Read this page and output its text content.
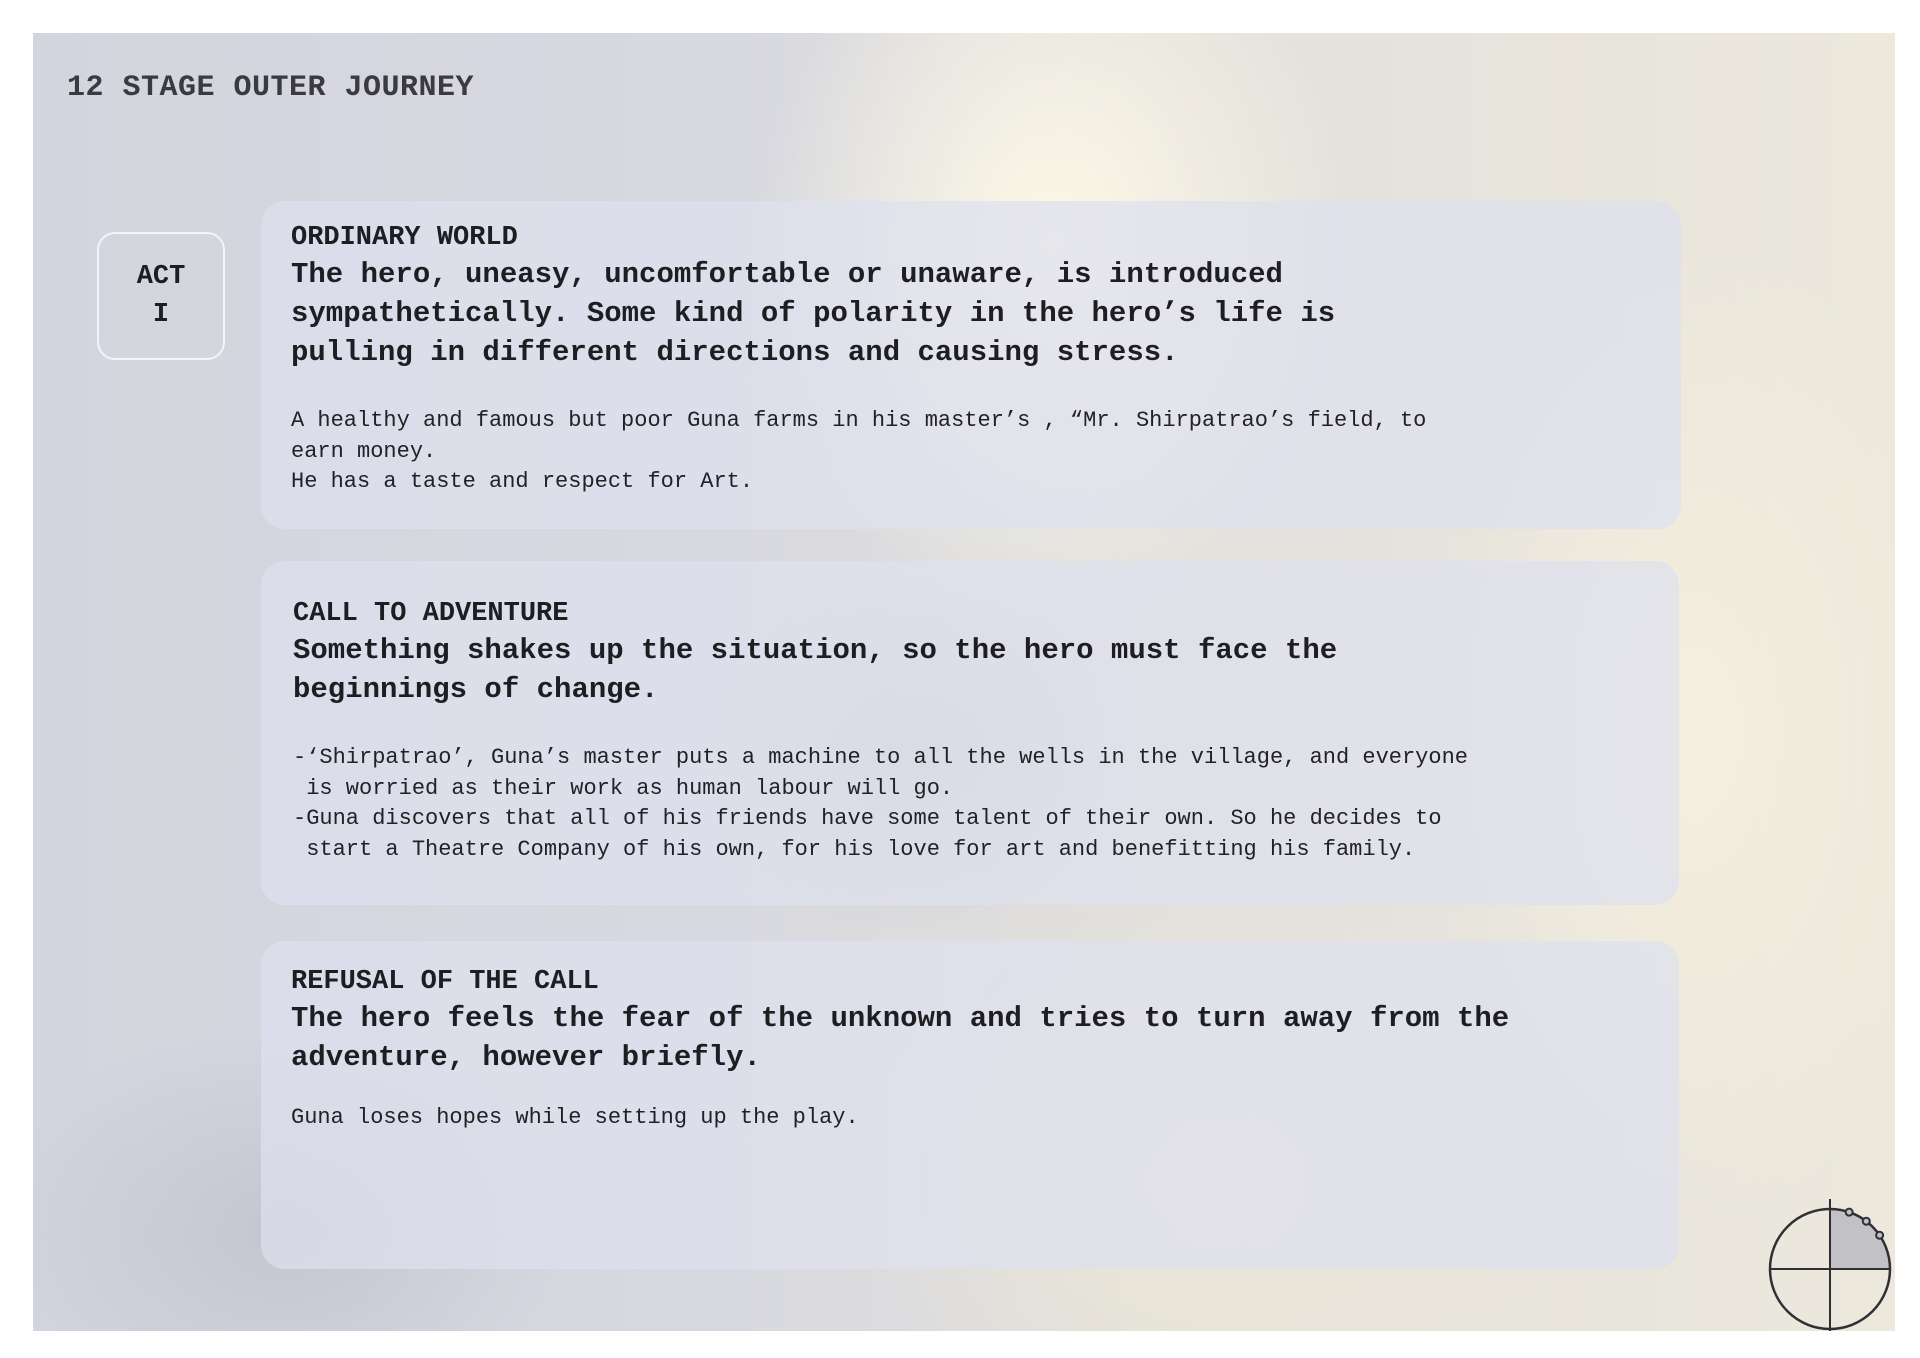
12 STAGE OUTER JOURNEY
ACT
I
ORDINARY WORLD
The hero, uneasy, uncomfortable or unaware, is introduced
sympathetically. Some kind of polarity in the hero’s life is
pulling in different directions and causing stress.
A healthy and famous but poor Guna farms in his master’s , “Mr. Shirpatrao’s field, to
earn money.
He has a taste and respect for Art.
CALL TO ADVENTURE
Something shakes up the situation, so the hero must face the
beginnings of change.
-‘Shirpatrao’, Guna’s master puts a machine to all the wells in the village, and everyone
is worried as their work as human labour will go.
-Guna discovers that all of his friends have some talent of their own. So he decides to
start a Theatre Company of his own, for his love for art and benefitting his family.
REFUSAL OF THE CALL
The hero feels the fear of the unknown and tries to turn away from the
adventure, however briefly.
Guna loses hopes while setting up the play.
